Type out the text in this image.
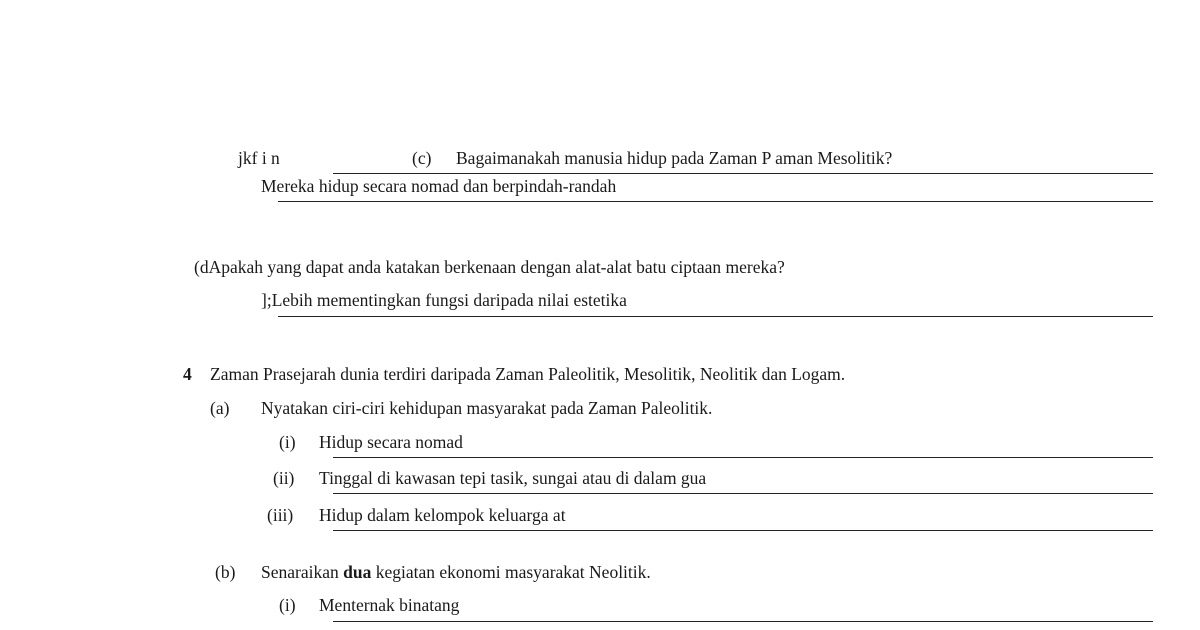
jkf i n	(c) Bagaimanakah manusia hidup pada Zaman P aman Mesolitik?
Mereka hidup secara nomad dan berpindah-randah
(dApakah yang dapat anda katakan berkenaan dengan alat-alat batu ciptaan mereka?
];Lebih mementingkan fungsi daripada nilai estetika
4 Zaman Prasejarah dunia terdiri daripada Zaman Paleolitik, Mesolitik, Neolitik dan Logam.
(a) Nyatakan ciri-ciri kehidupan masyarakat pada Zaman Paleolitik.
(i) Hidup secara nomad
(ii) Tinggal di kawasan tepi tasik, sungai atau di dalam gua
(iii) Hidup dalam kelompok keluarga at
(b) Senaraikan dua kegiatan ekonomi masyarakat Neolitik.
(i) Menternak binatang
